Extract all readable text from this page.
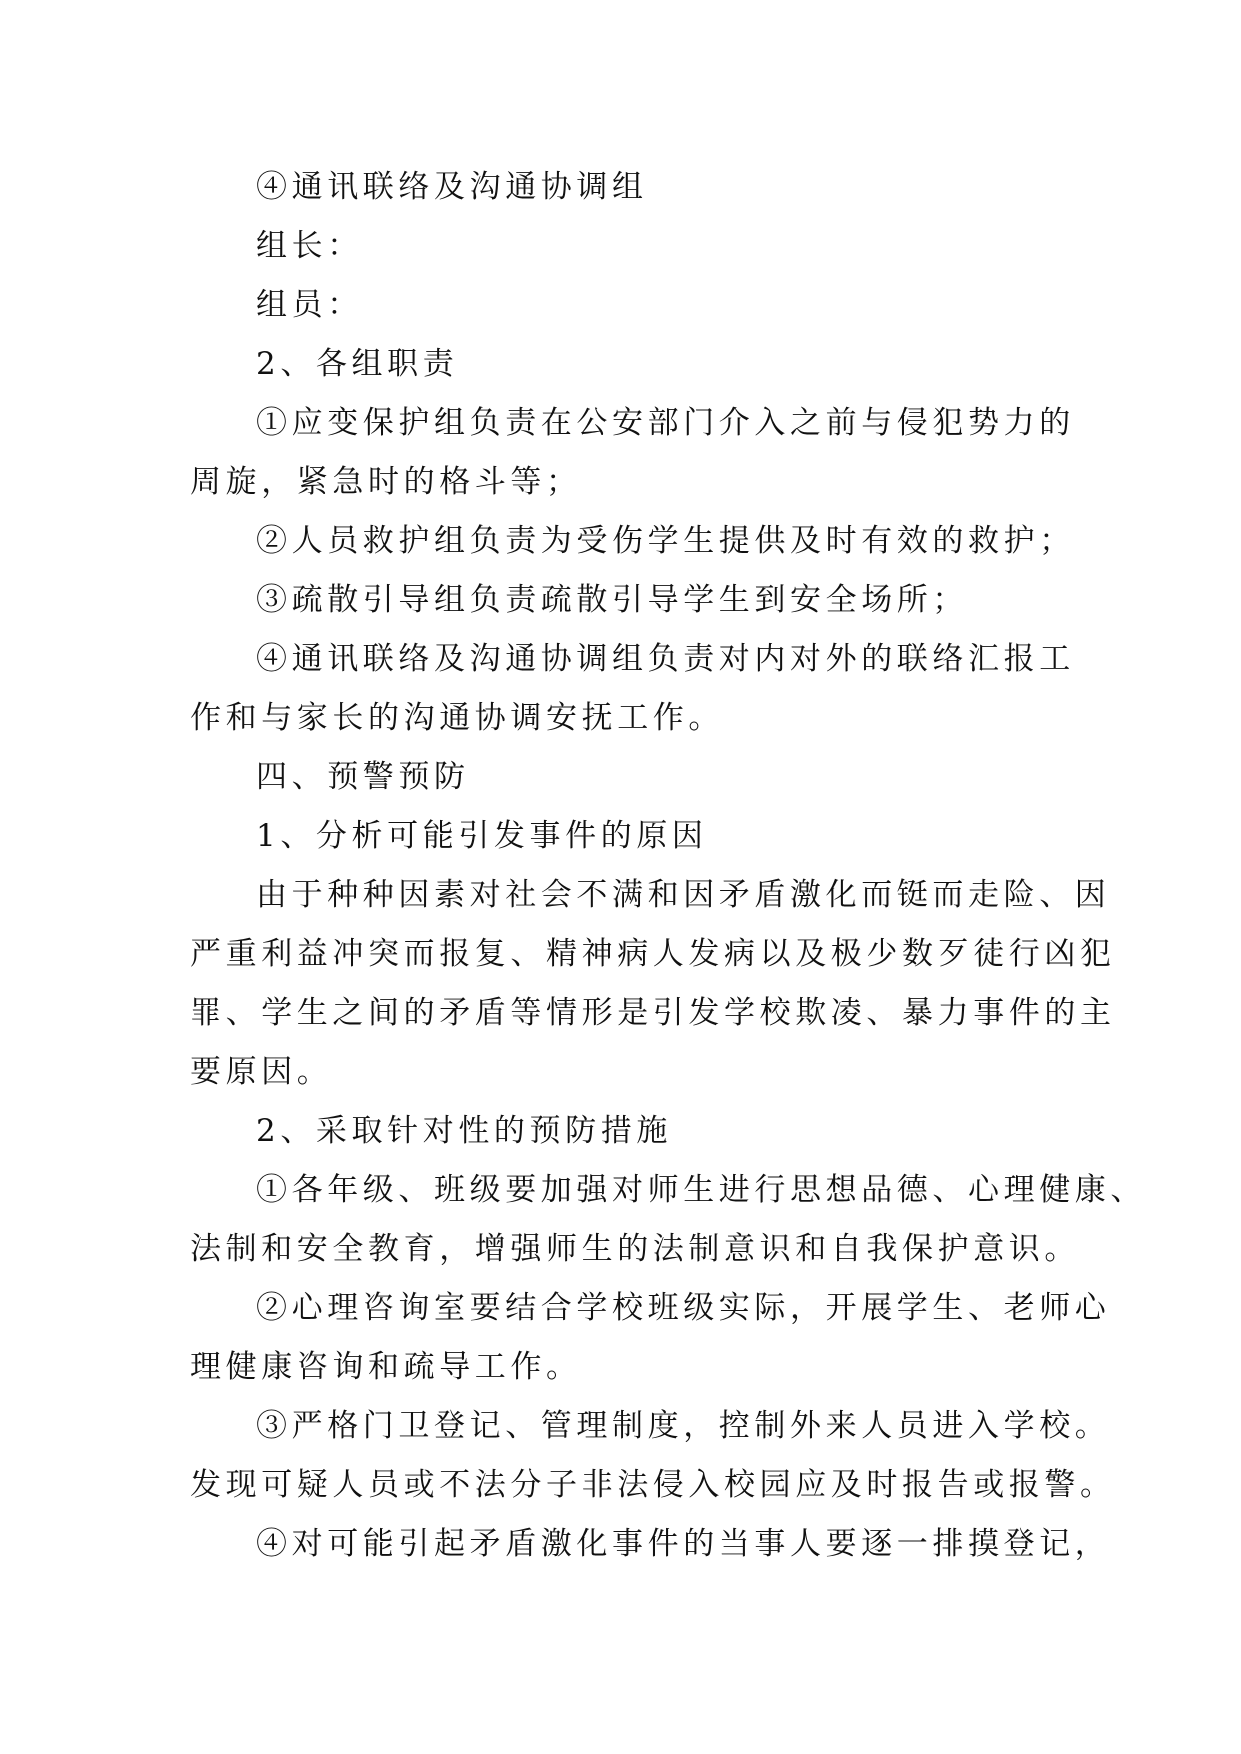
④通讯联络及沟通协调组
组长：
组员：
2、各组职责
①应变保护组负责在公安部门介入之前与侵犯势力的
周旋，紧急时的格斗等；
②人员救护组负责为受伤学生提供及时有效的救护；
③疏散引导组负责疏散引导学生到安全场所；
④通讯联络及沟通协调组负责对内对外的联络汇报工
作和与家长的沟通协调安抚工作。
四、预警预防
1、分析可能引发事件的原因
由于种种因素对社会不满和因矛盾激化而铤而走险、因
严重利益冲突而报复、精神病人发病以及极少数歹徒行凶犯
罪、学生之间的矛盾等情形是引发学校欺凌、暴力事件的主
要原因。
2、采取针对性的预防措施
①各年级、班级要加强对师生进行思想品德、心理健康、
法制和安全教育，增强师生的法制意识和自我保护意识。
②心理咨询室要结合学校班级实际，开展学生、老师心
理健康咨询和疏导工作。
③严格门卫登记、管理制度，控制外来人员进入学校。
发现可疑人员或不法分子非法侵入校园应及时报告或报警。
④对可能引起矛盾激化事件的当事人要逐一排摸登记，
